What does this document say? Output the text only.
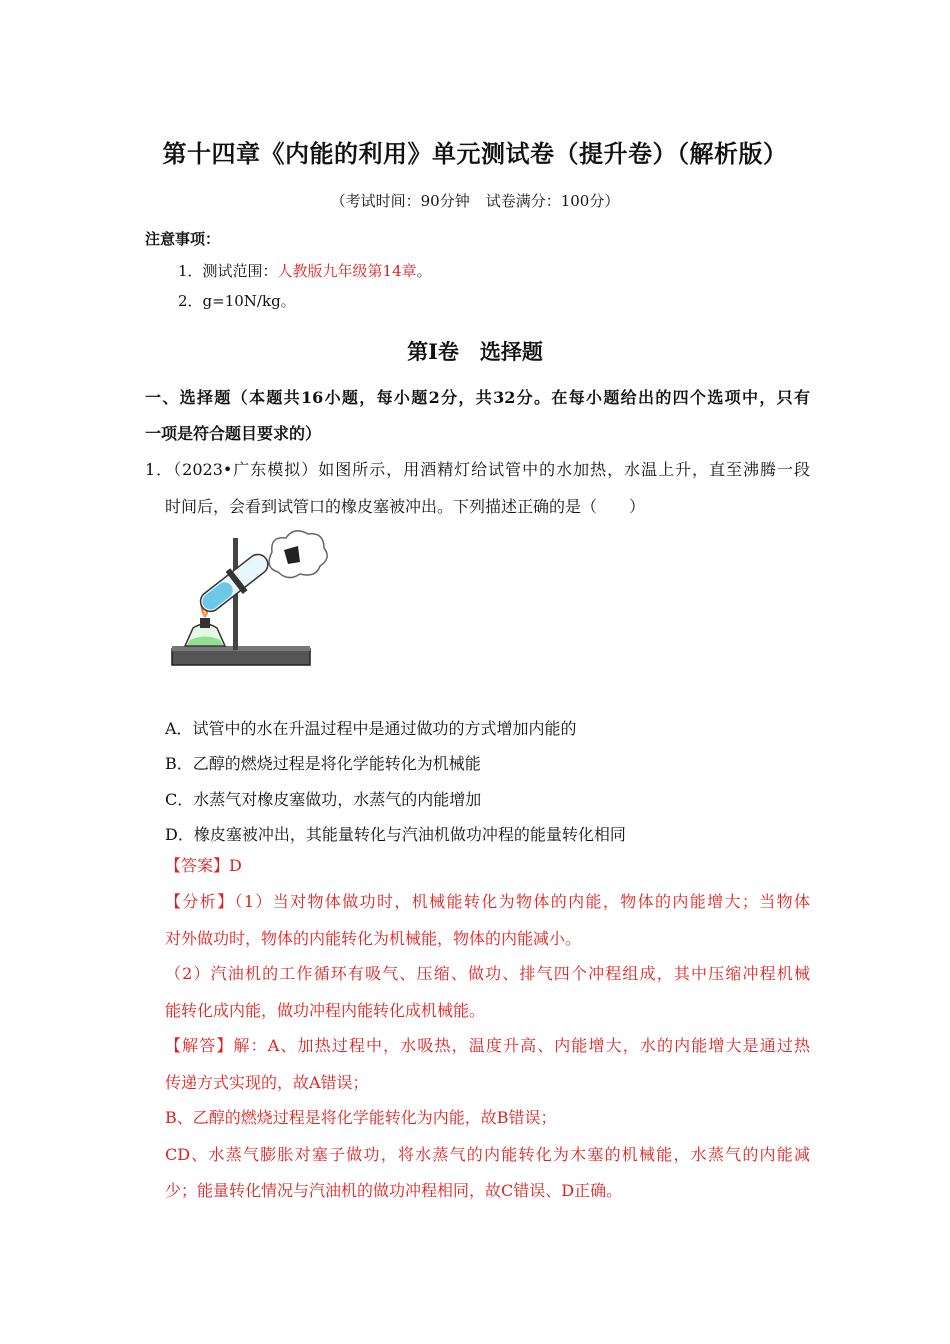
第十四章《内能的利用》单元测试卷（提升卷）（解析版）
（考试时间：90分钟 试卷满分：100分）
注意事项：
1．测试范围：人教版九年级第14章。
2．g=10N/kg。
第Ⅰ卷　选择题
一、选择题（本题共16小题，每小题2分，共32分。在每小题给出的四个选项中，只有
一项是符合题目要求的）
1．（2023•广东模拟）如图所示，用酒精灯给试管中的水加热，水温上升，直至沸腾一段
时间后，会看到试管口的橡皮塞被冲出。下列描述正确的是（　　）
A．试管中的水在升温过程中是通过做功的方式增加内能的
B．乙醇的燃烧过程是将化学能转化为机械能
C．水蒸气对橡皮塞做功，水蒸气的内能增加
D．橡皮塞被冲出，其能量转化与汽油机做功冲程的能量转化相同
【答案】D
【分析】（1）当对物体做功时，机械能转化为物体的内能，物体的内能增大；当物体
对外做功时，物体的内能转化为机械能，物体的内能减小。
（2）汽油机的工作循环有吸气、压缩、做功、排气四个冲程组成，其中压缩冲程机械
能转化成内能，做功冲程内能转化成机械能。
【解答】解：A、加热过程中，水吸热，温度升高、内能增大，水的内能增大是通过热
传递方式实现的，故A错误；
B、乙醇的燃烧过程是将化学能转化为内能，故B错误；
CD、水蒸气膨胀对塞子做功，将水蒸气的内能转化为木塞的机械能，水蒸气的内能减
少；能量转化情况与汽油机的做功冲程相同，故C错误、D正确。
